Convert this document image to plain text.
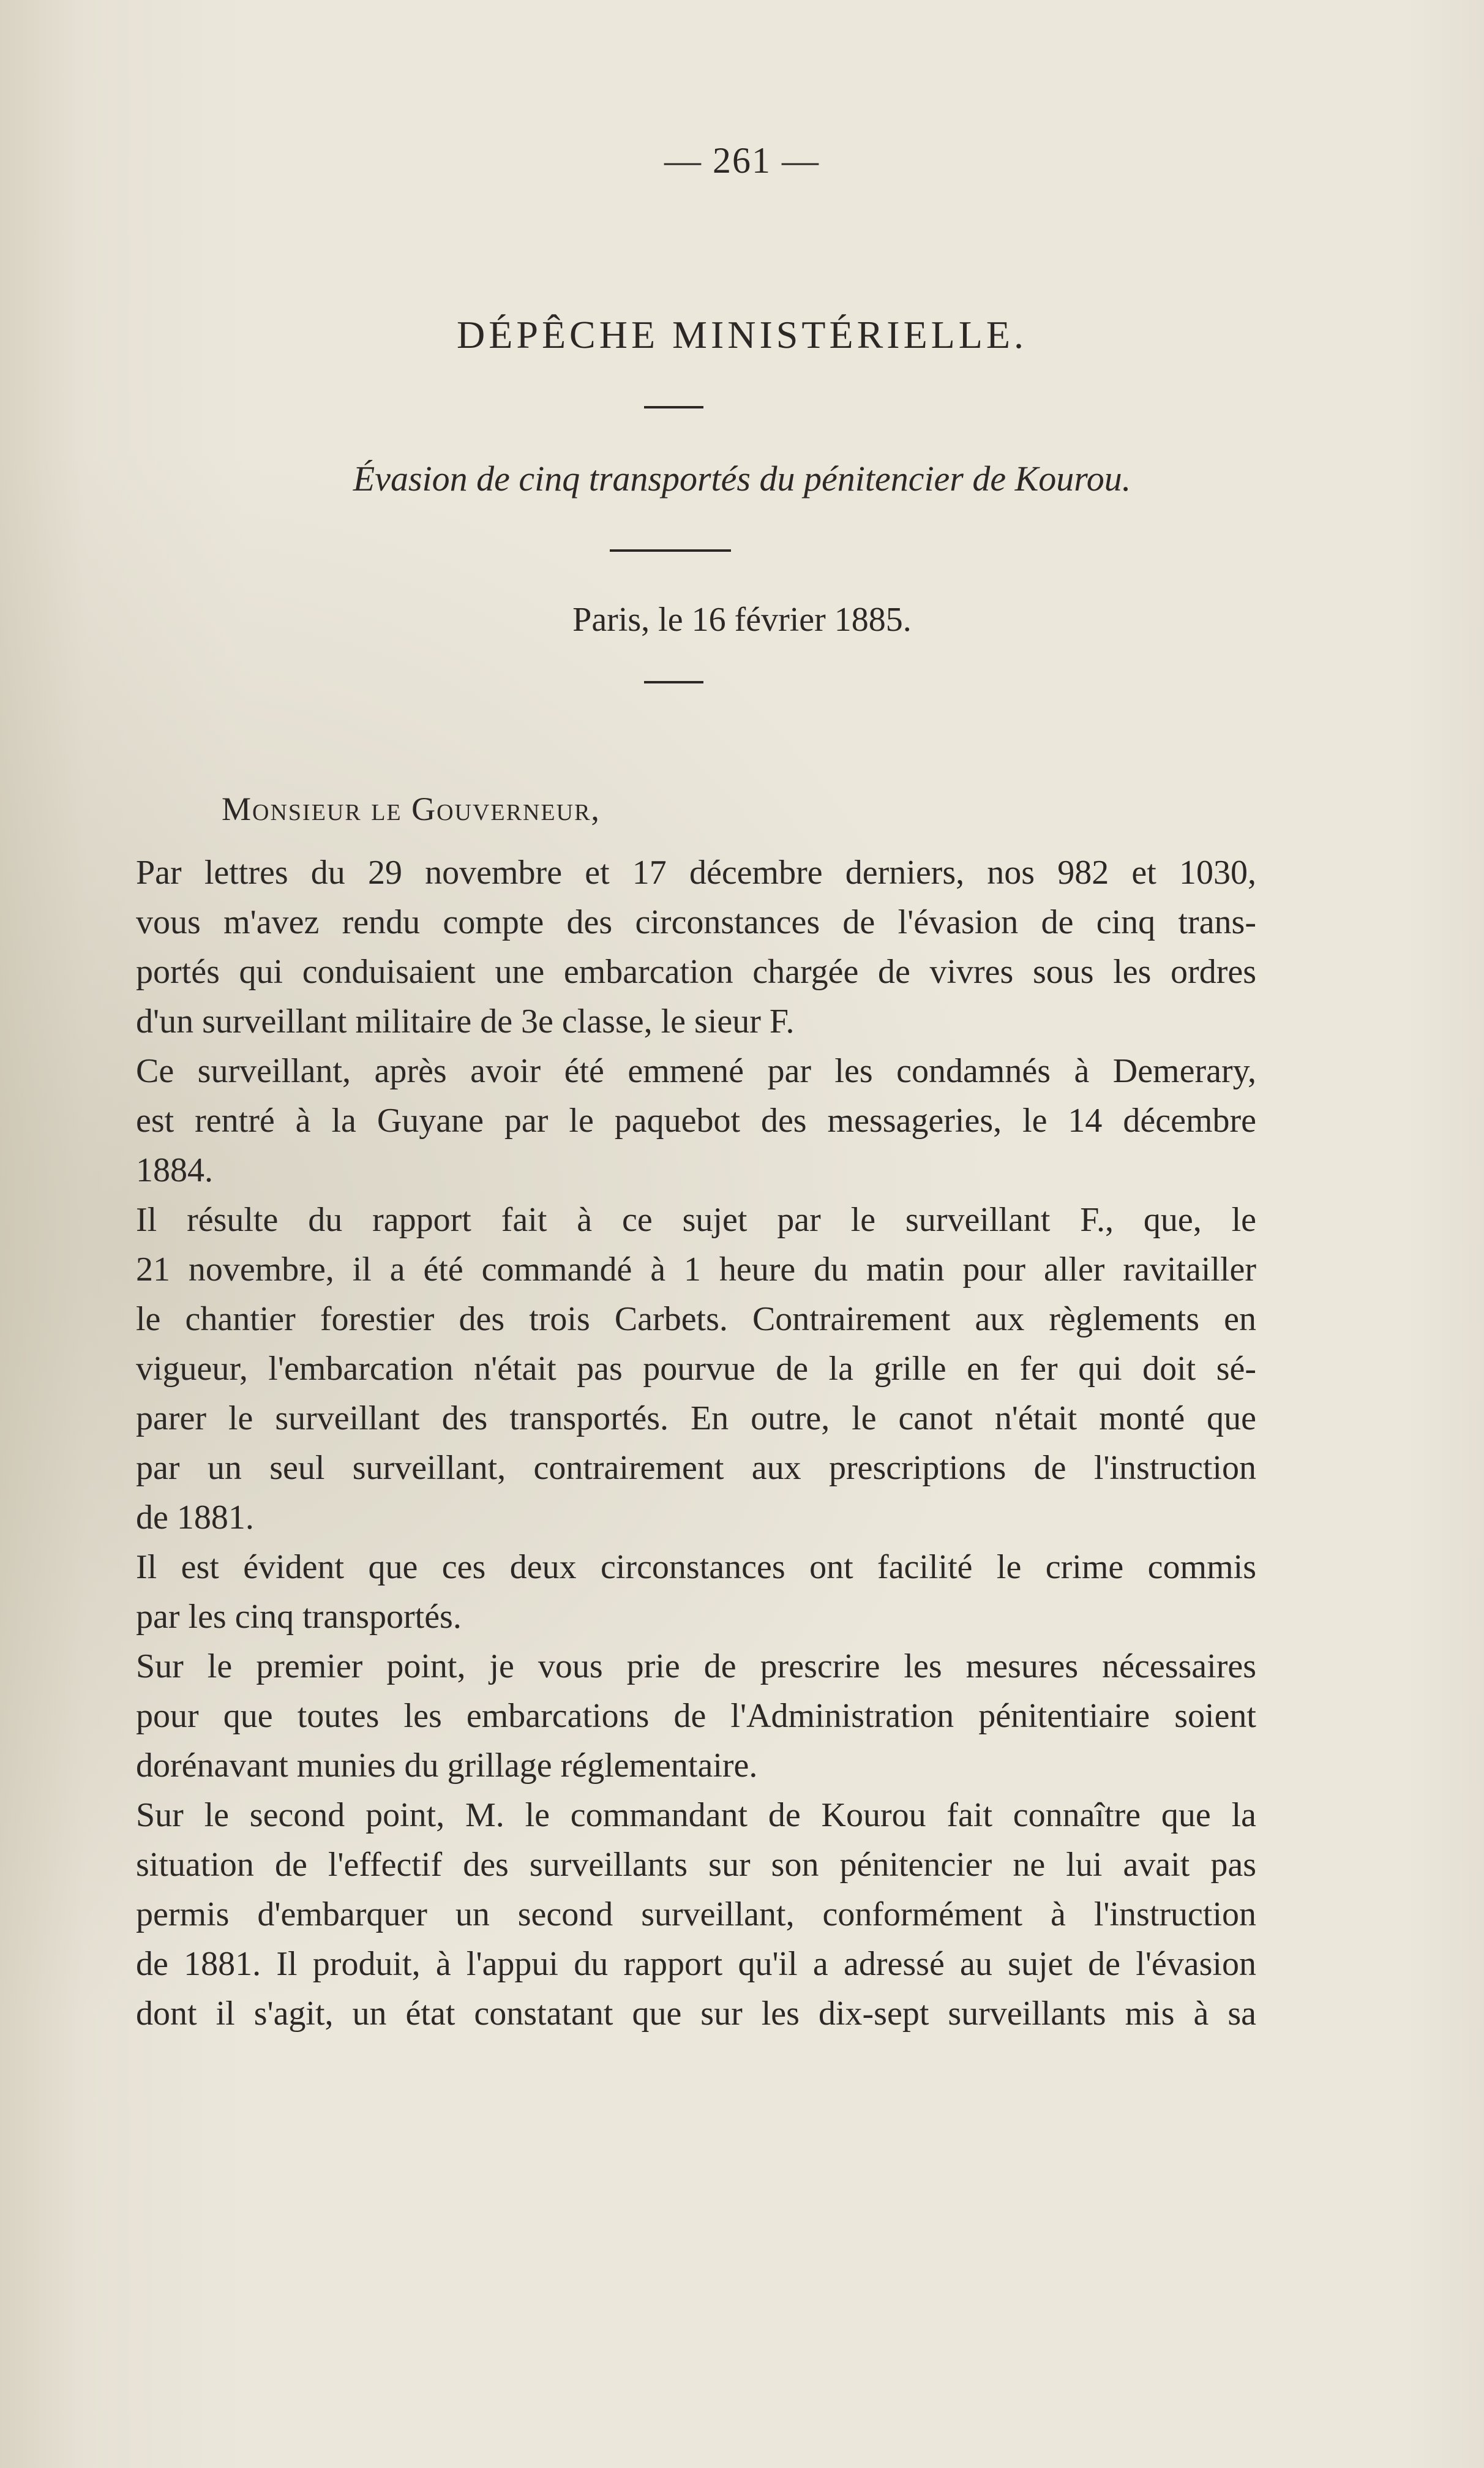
— 261 —
DÉPÊCHE MINISTÉRIELLE.
Évasion de cinq transportés du pénitencier de Kourou.
Paris, le 16 février 1885.
Monsieur le Gouverneur,

Par lettres du 29 novembre et 17 décembre derniers, nos 982 et 1030,
vous m'avez rendu compte des circonstances de l'évasion de cinq trans-
portés qui conduisaient une embarcation chargée de vivres sous les ordres
d'un surveillant militaire de 3e classe, le sieur F.

Ce surveillant, après avoir été emmené par les condamnés à Demerary,
est rentré à la Guyane par le paquebot des messageries, le 14 décembre
1884.

Il résulte du rapport fait à ce sujet par le surveillant F., que, le
21 novembre, il a été commandé à 1 heure du matin pour aller ravitailler
le chantier forestier des trois Carbets. Contrairement aux règlements en
vigueur, l'embarcation n'était pas pourvue de la grille en fer qui doit sé-
parer le surveillant des transportés. En outre, le canot n'était monté que
par un seul surveillant, contrairement aux prescriptions de l'instruction
de 1881.

Il est évident que ces deux circonstances ont facilité le crime commis
par les cinq transportés.

Sur le premier point, je vous prie de prescrire les mesures nécessaires
pour que toutes les embarcations de l'Administration pénitentiaire soient
dorénavant munies du grillage réglementaire.

Sur le second point, M. le commandant de Kourou fait connaître que la
situation de l'effectif des surveillants sur son pénitencier ne lui avait pas
permis d'embarquer un second surveillant, conformément à l'instruction
de 1881. Il produit, à l'appui du rapport qu'il a adressé au sujet de l'évasion
dont il s'agit, un état constatant que sur les dix-sept surveillants mis à sa
